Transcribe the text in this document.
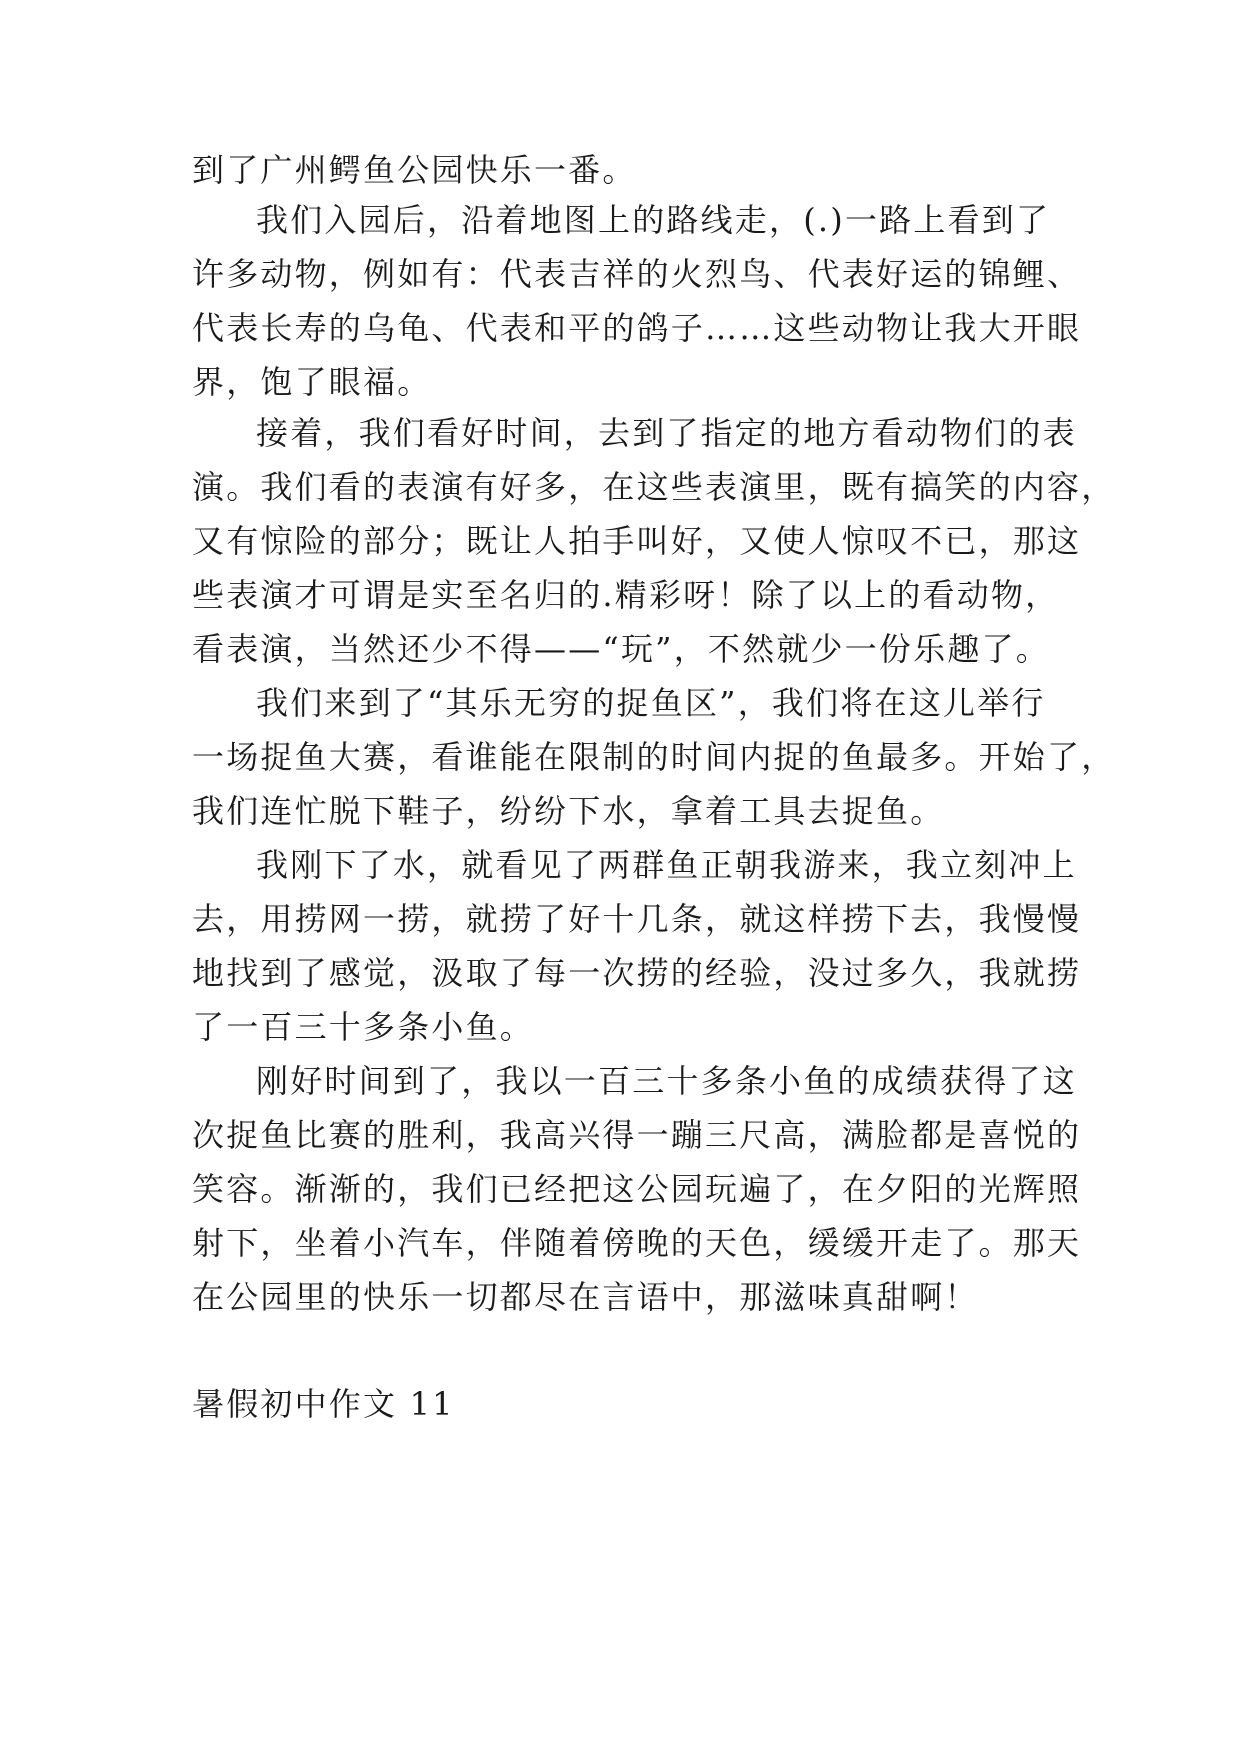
到了广州鳄鱼公园快乐一番。
我们入园后，沿着地图上的路线走，(.)一路上看到了
许多动物，例如有：代表吉祥的火烈鸟、代表好运的锦鲤、
代表长寿的乌龟、代表和平的鸽子……这些动物让我大开眼
界，饱了眼福。
接着，我们看好时间，去到了指定的地方看动物们的表
演。我们看的表演有好多，在这些表演里，既有搞笑的内容，
又有惊险的部分；既让人拍手叫好，又使人惊叹不已，那这
些表演才可谓是实至名归的.精彩呀！除了以上的看动物，
看表演，当然还少不得——“玩”，不然就少一份乐趣了。
我们来到了“其乐无穷的捉鱼区”，我们将在这儿举行
一场捉鱼大赛，看谁能在限制的时间内捉的鱼最多。开始了，
我们连忙脱下鞋子，纷纷下水，拿着工具去捉鱼。
我刚下了水，就看见了两群鱼正朝我游来，我立刻冲上
去，用捞网一捞，就捞了好十几条，就这样捞下去，我慢慢
地找到了感觉，汲取了每一次捞的经验，没过多久，我就捞
了一百三十多条小鱼。
刚好时间到了，我以一百三十多条小鱼的成绩获得了这
次捉鱼比赛的胜利，我高兴得一蹦三尺高，满脸都是喜悦的
笑容。渐渐的，我们已经把这公园玩遍了，在夕阳的光辉照
射下，坐着小汽车，伴随着傍晚的天色，缓缓开走了。那天
在公园里的快乐一切都尽在言语中，那滋味真甜啊！
暑假初中作文 11
